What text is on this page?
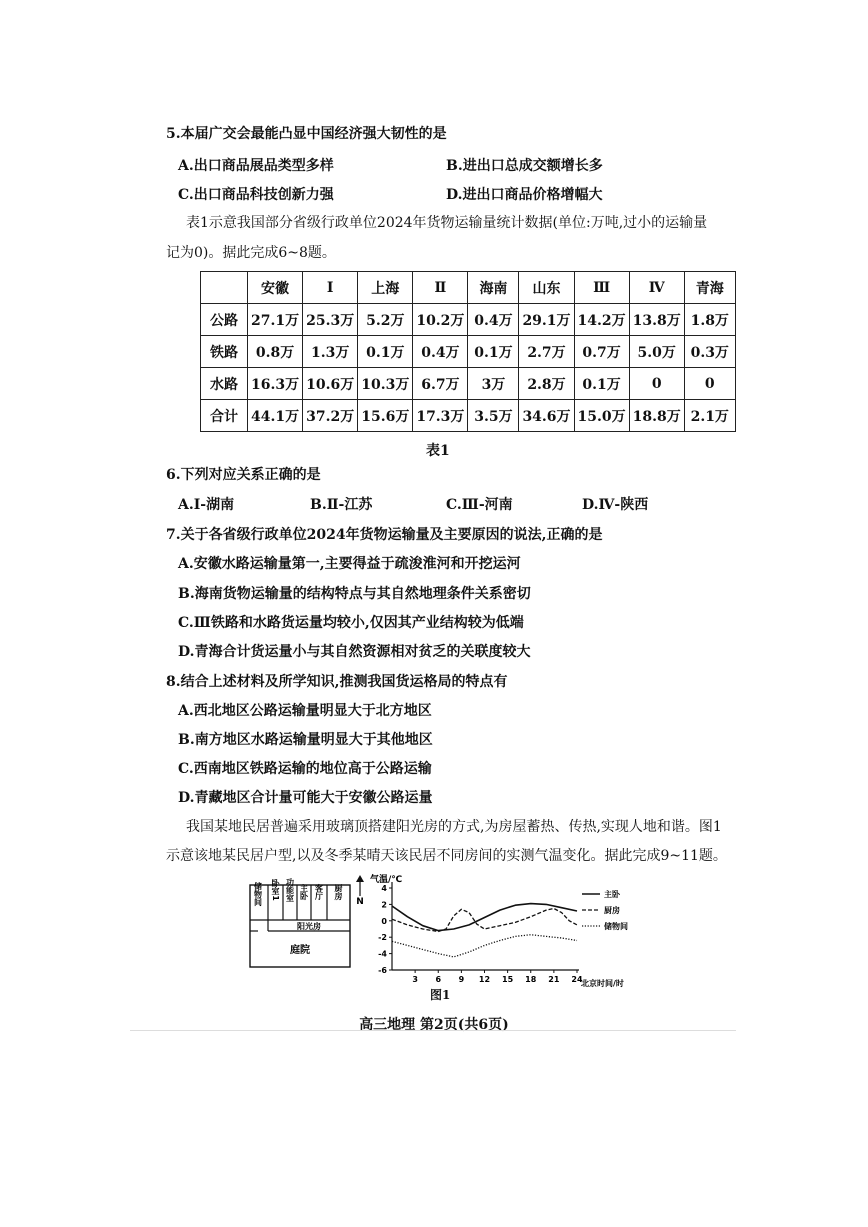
5.本届广交会最能凸显中国经济强大韧性的是
A.出口商品展品类型多样	B.进出口总成交额增长多
C.出口商品科技创新力强	D.进出口商品价格增幅大
表1示意我国部分省级行政单位2024年货物运输量统计数据(单位:万吨,过小的运输量
记为0)。据此完成6~8题。
	安徽	Ⅰ	上海	Ⅱ	海南	山东	Ⅲ	Ⅳ	青海
公路	27.1万	25.3万	5.2万	10.2万	0.4万	29.1万	14.2万	13.8万	1.8万
铁路	0.8万	1.3万	0.1万	0.4万	0.1万	2.7万	0.7万	5.0万	0.3万
水路	16.3万	10.6万	10.3万	6.7万	3万	2.8万	0.1万	0	0
合计	44.1万	37.2万	15.6万	17.3万	3.5万	34.6万	15.0万	18.8万	2.1万
表1
6.下列对应关系正确的是
A.Ⅰ-湖南	B.Ⅱ-江苏	C.Ⅲ-河南	D.Ⅳ-陕西
7.关于各省级行政单位2024年货物运输量及主要原因的说法,正确的是
A.安徽水路运输量第一,主要得益于疏浚淮河和开挖运河
B.海南货物运输量的结构特点与其自然地理条件关系密切
C.Ⅲ铁路和水路货运量均较小,仅因其产业结构较为低端
D.青海合计货运量小与其自然资源相对贫乏的关联度较大
8.结合上述材料及所学知识,推测我国货运格局的特点有
A.西北地区公路运输量明显大于北方地区
B.南方地区水路运输量明显大于其他地区
C.西南地区铁路运输的地位高于公路运输
D.青藏地区合计量可能大于安徽公路运量
我国某地民居普遍采用玻璃顶搭建阳光房的方式,为房屋蓄热、传热,实现人地和谐。图1
示意该地某民居户型,以及冬季某晴天该民居不同房间的实测气温变化。据此完成9~11题。
储物间 卧室1 功能室 主卧 客厅 厨房
阳光房
庭院
N
气温/℃
北京时间/时
4
2
0
-2
-4
-6
3 6 9 12 15 18 21 24
主卧
厨房
储物间
图1
高三地理 第2页(共6页)
